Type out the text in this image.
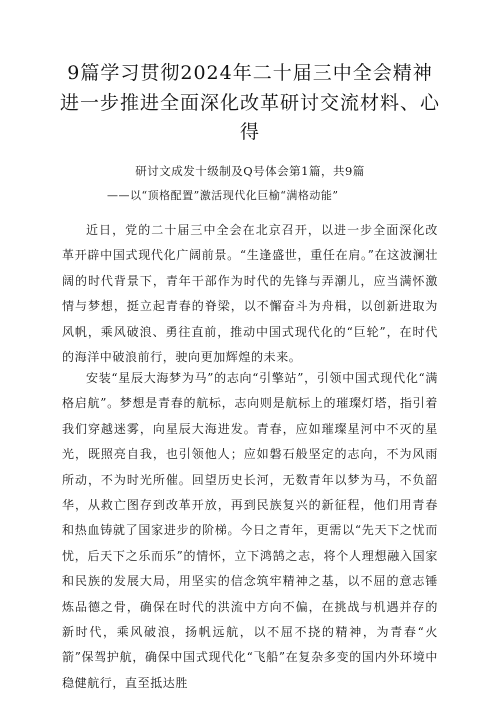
9篇学习贯彻2024年二十届三中全会精神
进一步推进全面深化改革研讨交流材料、心
得
研讨文成发十级制及Q号体会第1篇，共9篇
——以“顶格配置”激活现代化巨榆“满格动能”

近日，党的二十届三中全会在北京召开，以进一步全面深化改革开辟中国式现代化广阔前景。“生逢盛世，重任在肩。”在这波澜壮阔的时代背景下，青年干部作为时代的先锋与弄潮儿，应当满怀激情与梦想，挺立起青春的脊梁，以不懈奋斗为舟楫，以创新进取为风帆，乘风破浪、勇往直前，推动中国式现代化的“巨轮”，在时代的海洋中破浪前行，驶向更加辉煌的未来。

安装“星辰大海梦为马”的志向“引擎站”，引领中国式现代化“满格启航”。梦想是青春的航标，志向则是航标上的璀璨灯塔，指引着我们穿越迷雾，向星辰大海进发。青春，应如璀璨星河中不灭的星光，既照亮自我，也引领他人；应如磐石般坚定的志向，不为风雨所动，不为时光所催。回望历史长河，无数青年以梦为马，不负韶华，从救亡图存到改革开放，再到民族复兴的新征程，他们用青春和热血铸就了国家进步的阶梯。今日之青年，更需以“先天下之忧而忧，后天下之乐而乐”的情怀，立下鸿鹄之志，将个人理想融入国家和民族的发展大局，用坚实的信念筑牢精神之基，以不屈的意志锤炼品德之骨，确保在时代的洪流中方向不偏，在挑战与机遇并存的新时代，乘风破浪，扬帆远航，以不屈不挠的精神，为青春“火箭”保驾护航，确保中国式现代化“飞船”在复杂多变的国内外环境中稳健航行，直至抵达胜
